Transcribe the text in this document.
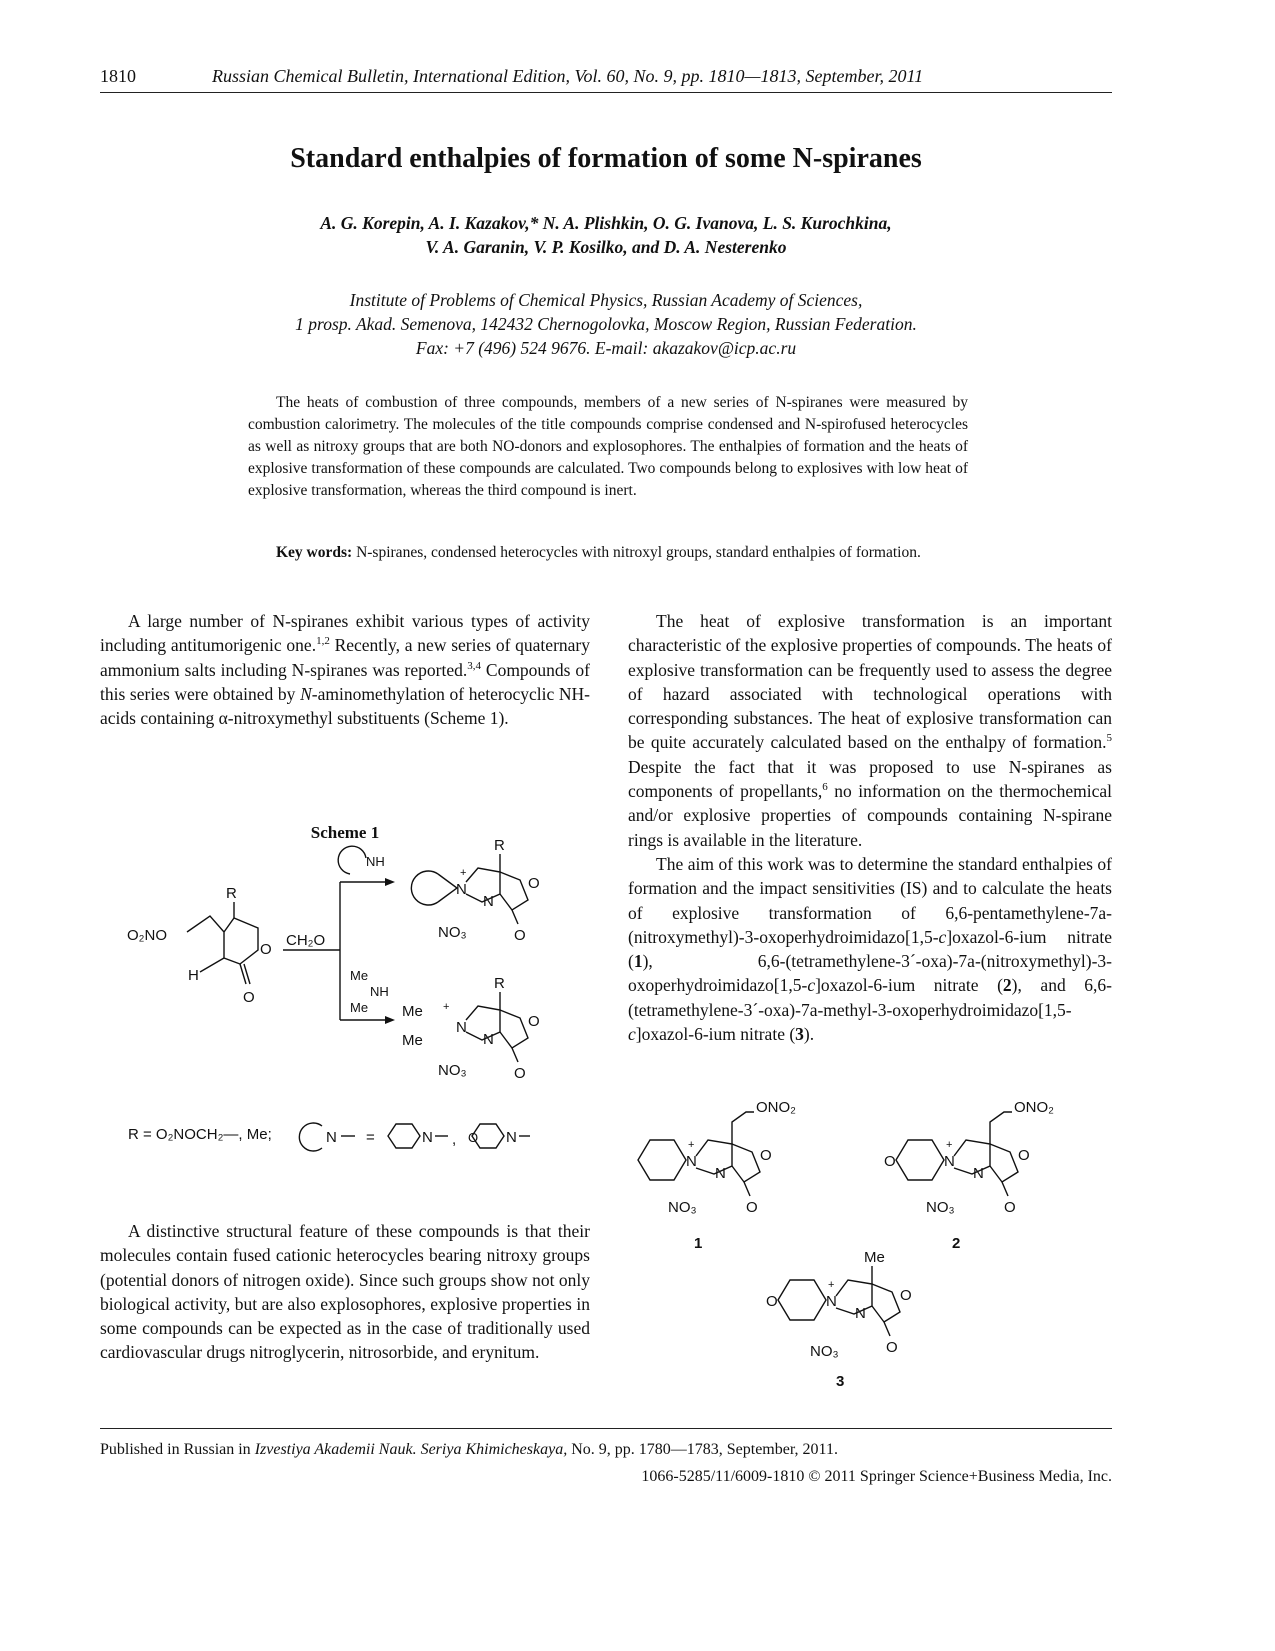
1810	Russian Chemical Bulletin, International Edition, Vol. 60, No. 9, pp. 1810—1813, September, 2011
Standard enthalpies of formation of some N-spiranes
A. G. Korepin, A. I. Kazakov,* N. A. Plishkin, O. G. Ivanova, L. S. Kurochkina,
V. A. Garanin, V. P. Kosilko, and D. A. Nesterenko
Institute of Problems of Chemical Physics, Russian Academy of Sciences,
1 prosp. Akad. Semenova, 142432 Chernogolovka, Moscow Region, Russian Federation.
Fax: +7 (496) 524 9676. E-mail: akazakov@icp.ac.ru

The heats of combustion of three compounds, members of a new series of N-spiranes were measured by combustion calorimetry. The molecules of the title compounds comprise condensed and N-spirofused heterocycles as well as nitroxy groups that are both NO-donors and explosophores. The enthalpies of formation and the heats of explosive transformation of these compounds are calculated. Two compounds belong to explosives with low heat of explosive transformation, whereas the third compound is inert.

Key words: N-spiranes, condensed heterocycles with nitroxyl groups, standard enthalpies of formation.

A large number of N-spiranes exhibit various types of activity including antitumorigenic one.$^{1,2}$ Recently, a new series of quaternary ammonium salts including N-spiranes was reported.$^{3,4}$ Compounds of this series were obtained by N-aminomethylation of heterocyclic NH-acids containing α-nitroxymethyl substituents (Scheme 1).

Scheme 1
R
O₂NO
O
H
O
CH₂O
NH
Me
NH
Me
N
+
N
R
O
O
NO₃
Me
N
+
Me	N
R
O
O
NO₃
R = O₂NOCH₂—, Me;	N =	N , O N

A distinctive structural feature of these compounds is that their molecules contain fused cationic heterocycles bearing nitroxy groups (potential donors of nitrogen oxide). Since such groups show not only biological activity, but are also explosophores, explosive properties in some compounds can be expected as in the case of traditionally used cardiovascular drugs nitroglycerin, nitrosorbide, and erynitum.

The heat of explosive transformation is an important characteristic of the explosive properties of compounds. The heats of explosive transformation can be frequently used to assess the degree of hazard associated with technological operations with corresponding substances. The heat of explosive transformation can be quite accurately calculated based on the enthalpy of formation.$^5$ Despite the fact that it was proposed to use N-spiranes as components of propellants,$^6$ no information on the thermochemical and/or explosive properties of compounds containing N-spirane rings is available in the literature.

The aim of this work was to determine the standard enthalpies of formation and the impact sensitivities (IS) and to calculate the heats of explosive transformation of 6,6-pentamethylene-7a-(nitroxymethyl)-3-oxoperhydroimidazo[1,5-c]oxazol-6-ium nitrate (1), 6,6-(tetramethylene-3´-oxa)-7a-(nitroxymethyl)-3-oxoperhydroimidazo[1,5-c]oxazol-6-ium nitrate (2), and 6,6-(tetramethylene-3´-oxa)-7a-methyl-3-oxoperhydroimidazo[1,5-c]oxazol-6-ium nitrate (3).

N
+
N
ONO₂
O
O
NO₃
1
O	N
+
N
ONO₂
O
O
NO₃
2
Me
O	N
+
N
O
O
NO₃
3
Published in Russian in Izvestiya Akademii Nauk. Seriya Khimicheskaya, No. 9, pp. 1780—1783, September, 2011.
1066-5285/11/6009-1810 © 2011 Springer Science+Business Media, Inc.
